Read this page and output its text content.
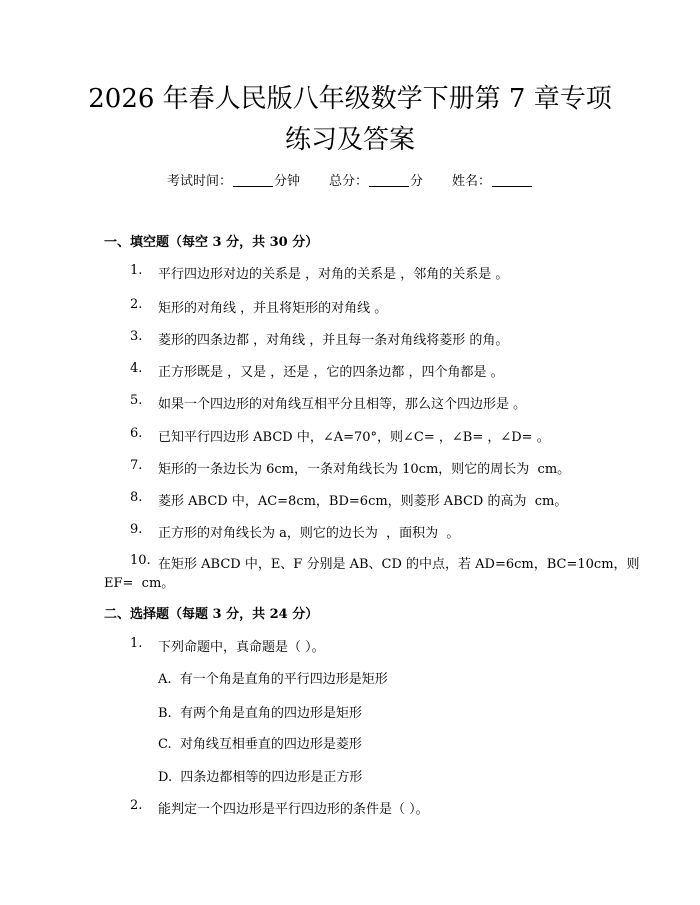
2026 年春人民版八年级数学下册第 7 章专项
练习及答案
考试时间：	分钟 总分：	分 姓名：
一、填空题（每空 3 分，共 30 分）

1.

平行四边形对边的关系是 ，对角的关系是 ，邻角的关系是 。

2.

矩形的对角线 ，并且将矩形的对角线 。

3.

菱形的四条边都 ，对角线 ，并且每一条对角线将菱形 的角。

4.

正方形既是 ，又是 ，还是 ，它的四条边都 ，四个角都是 。

5.

如果一个四边形的对角线互相平分且相等，那么这个四边形是 。

6.

已知平行四边形 ABCD 中，∠A=70°，则∠C= ，∠B= ，∠D= 。

7.

矩形的一条边长为 6cm，一条对角线长为 10cm，则它的周长为  cm。

8.

菱形 ABCD 中，AC=8cm，BD=6cm，则菱形 ABCD 的高为  cm。

9.

正方形的对角线长为 a，则它的边长为  ，面积为  。

10.

在矩形 ABCD 中，E、F 分别是 AB、CD 的中点，若 AD=6cm，BC=10cm，则

EF=  cm。
二、选择题（每题 3 分，共 24 分）

1.

下列命题中，真命题是（ ）。

A.  有一个角是直角的平行四边形是矩形
B.  有两个角是直角的四边形是矩形
C.  对角线互相垂直的四边形是菱形
D.  四条边都相等的四边形是正方形

2.

能判定一个四边形是平行四边形的条件是（ ）。
